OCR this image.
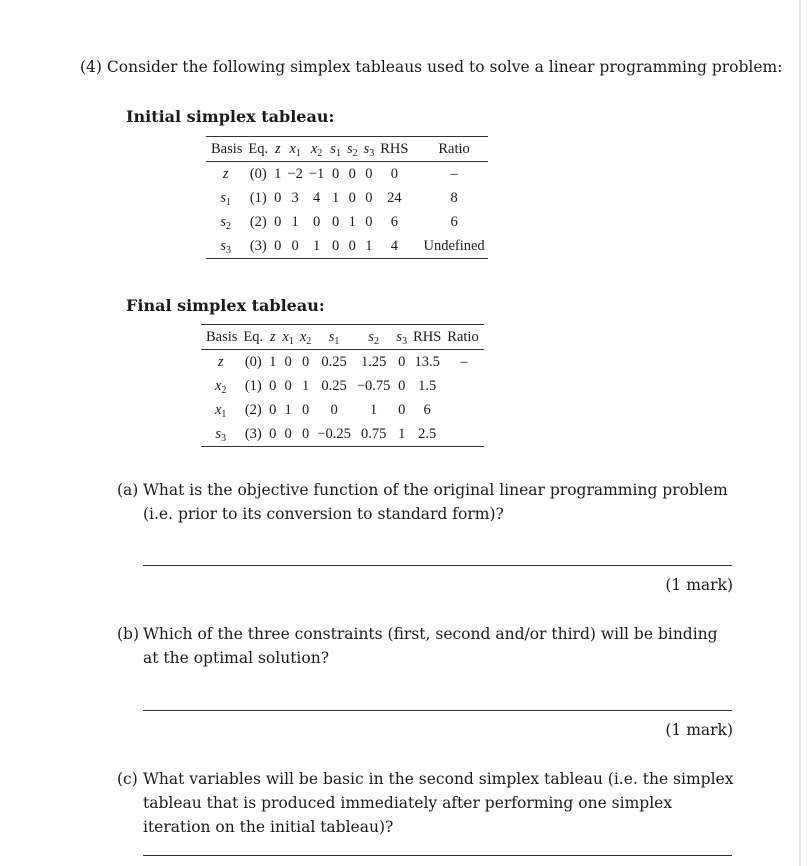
(4) Consider the following simplex tableaus used to solve a linear programming problem:
Initial simplex tableau:
Basis	Eq.	z	$x_1$	$x_2$	$s_1$	$s_2$	$s_3$	RHS	Ratio
z	(0)	1	−2	−1	0	0	0	0	–
$s_1$	(1)	0	3	4	1	0	0	24	8
$s_2$	(2)	0	1	0	0	1	0	6	6
$s_3$	(3)	0	0	1	0	0	1	4	Undefined
Final simplex tableau:
Basis	Eq.	z	$x_1$	$x_2$	$s_1$	$s_2$	$s_3$	RHS	Ratio
z	(0)	1	0	0	0.25	1.25	0	13.5	–
$x_2$	(1)	0	0	1	0.25	−0.75	0	1.5	
$x_1$	(2)	0	1	0	0	1	0	6	
$s_3$	(3)	0	0	0	−0.25	0.75	1	2.5	
(a) What is the objective function of the original linear programming problem (i.e. prior to its conversion to standard form)?
(1 mark)
(b) Which of the three constraints (first, second and/or third) will be binding at the optimal solution?
(1 mark)
(c) What variables will be basic in the second simplex tableau (i.e. the simplex tableau that is produced immediately after performing one simplex iteration on the initial tableau)?
